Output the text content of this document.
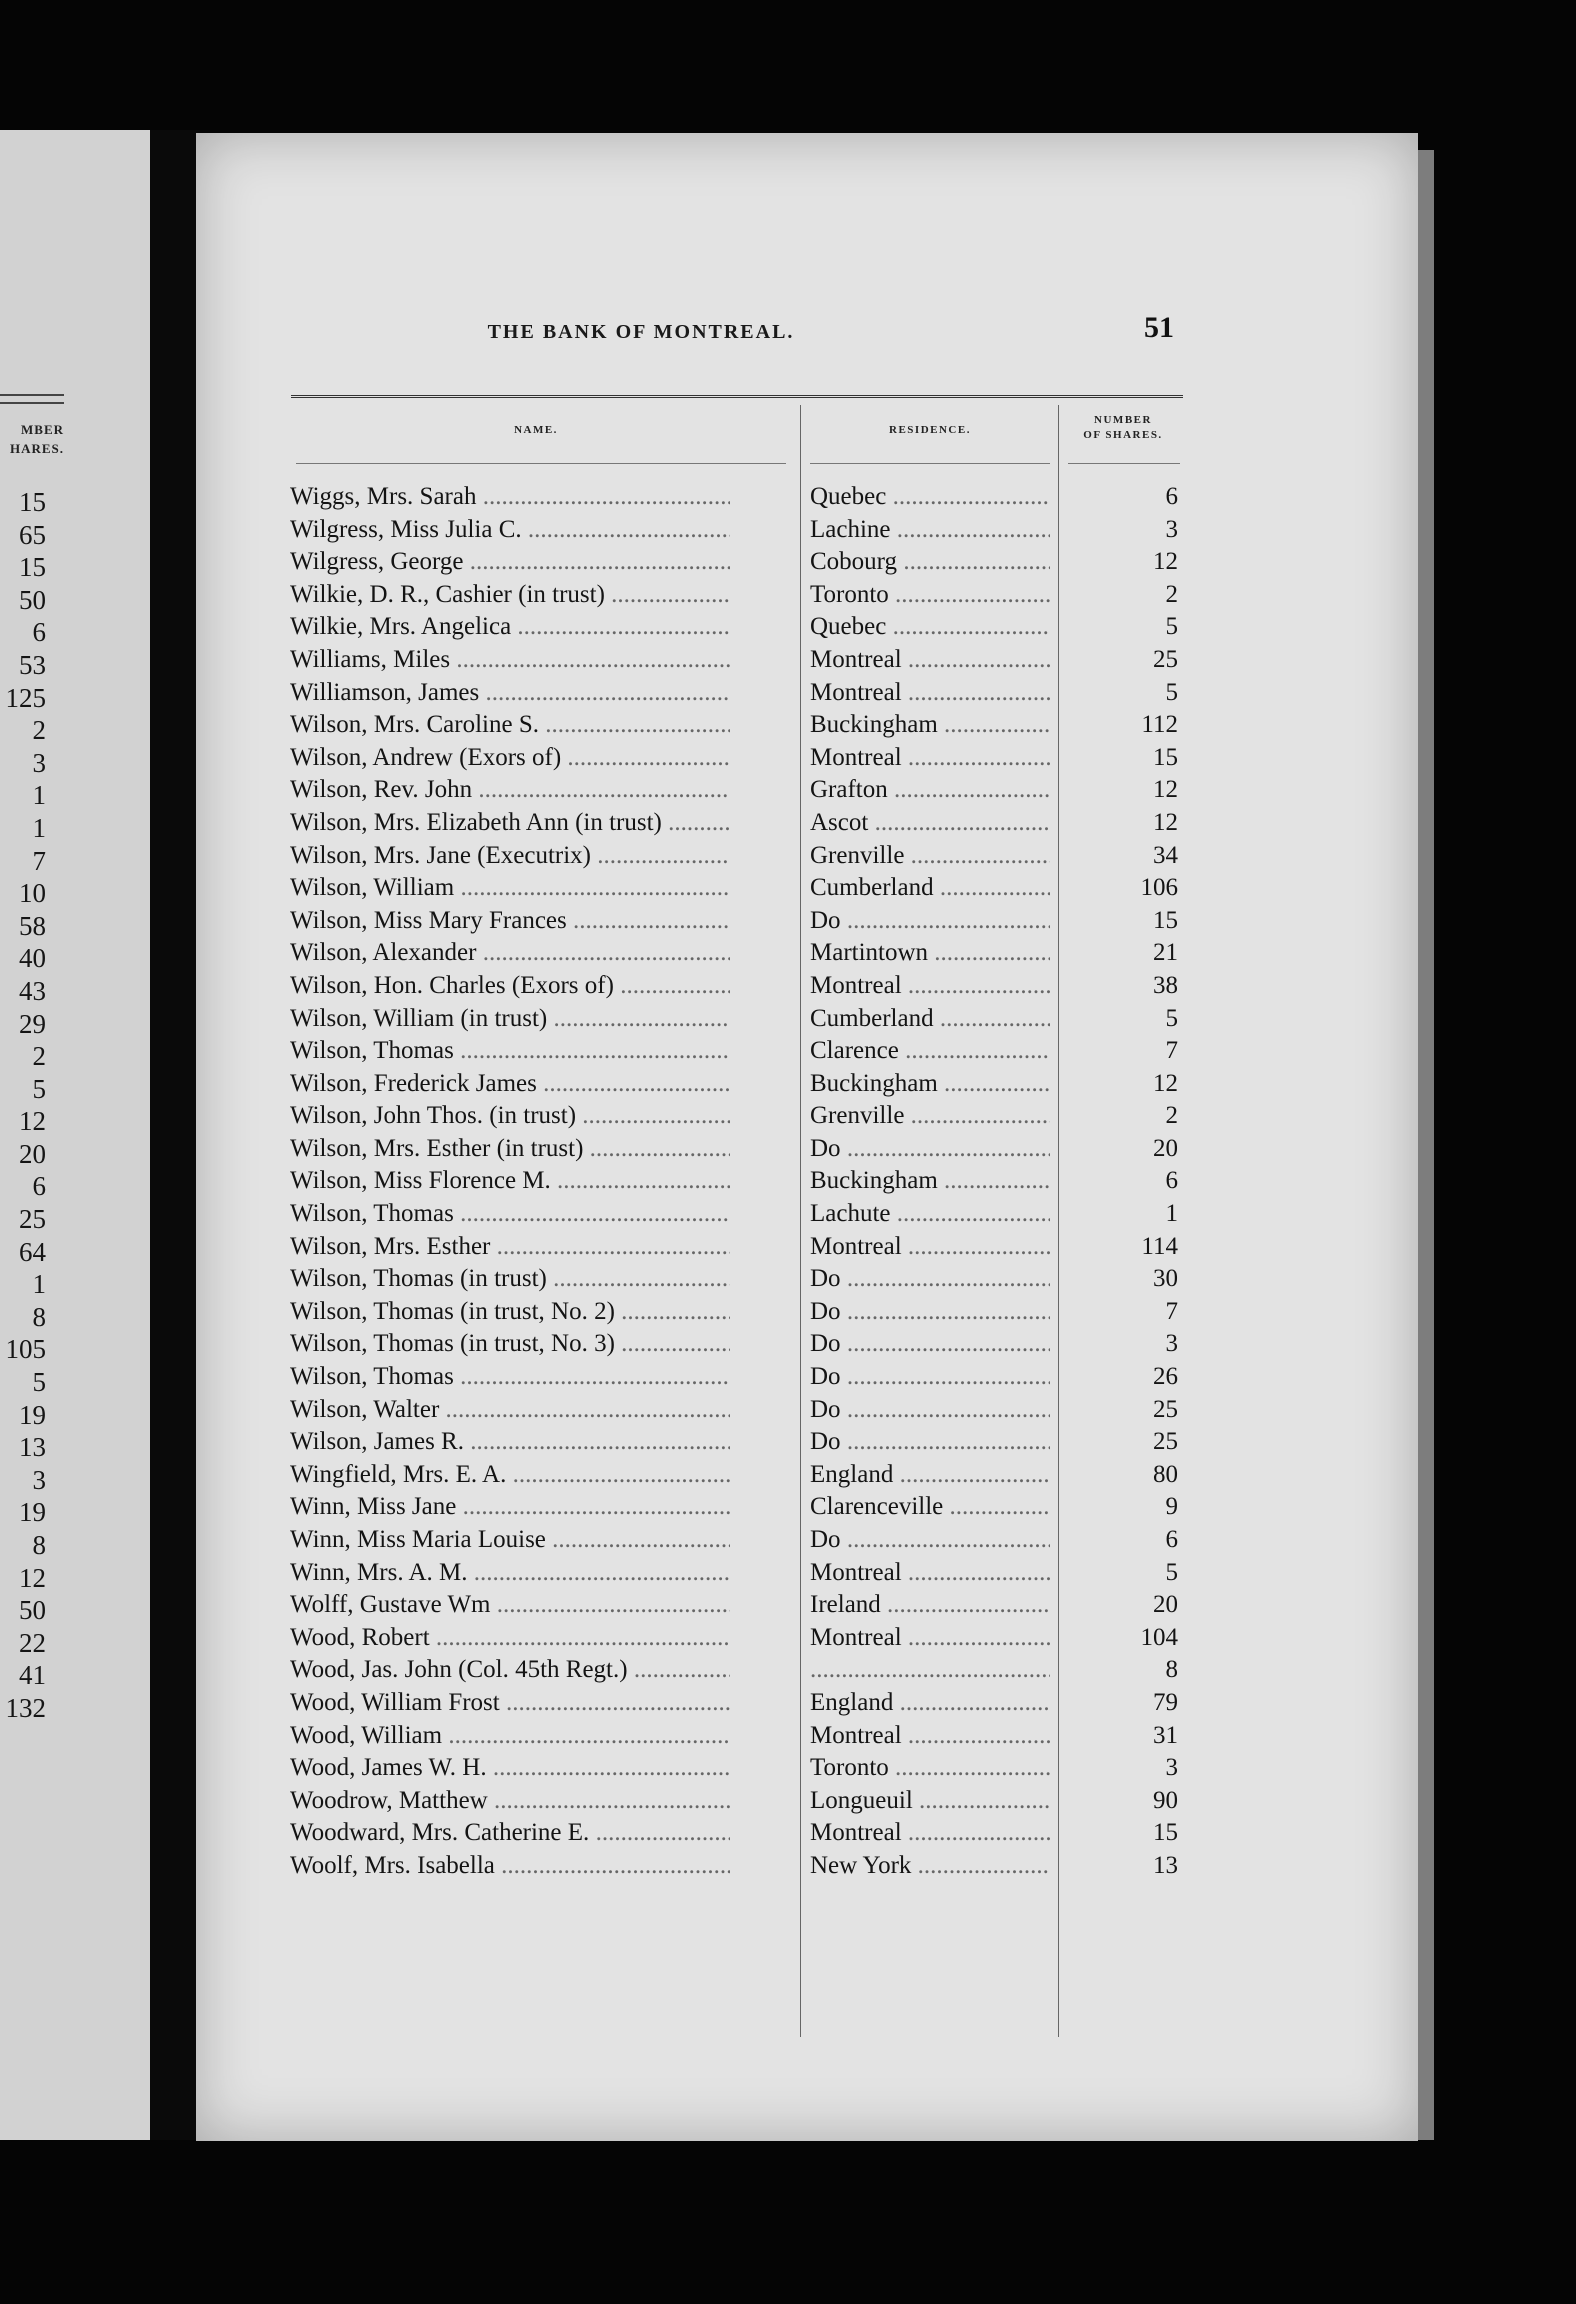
MBER
HARES.
15
65
15
50
6
53
125
2
3
1
1
7
10
58
40
43
29
2
5
12
20
6
25
64
1
8
105
5
19
13
3
19
8
12
50
22
41
132
THE BANK OF MONTREAL.	51
NAME.	RESIDENCE.
NUMBER
OF SHARES.
Wiggs, Mrs. Sarah .....	Quebec .....	6
Wilgress, Miss Julia C. .....	Lachine .....	3
Wilgress, George .....	Cobourg .....	12
Wilkie, D. R., Cashier (in trust) .....	Toronto .....	2
Wilkie, Mrs. Angelica .....	Quebec .....	5
Williams, Miles .....	Montreal .....	25
Williamson, James .....	Montreal .....	5
Wilson, Mrs. Caroline S. .....	Buckingham .....	112
Wilson, Andrew (Exors of) .....	Montreal .....	15
Wilson, Rev. John .....	Grafton .....	12
Wilson, Mrs. Elizabeth Ann (in trust) .....	Ascot .....	12
Wilson, Mrs. Jane (Executrix) .....	Grenville .....	34
Wilson, William .....	Cumberland .....	106
Wilson, Miss Mary Frances .....	Do .....	15
Wilson, Alexander .....	Martintown .....	21
Wilson, Hon. Charles (Exors of) .....	Montreal .....	38
Wilson, William (in trust) .....	Cumberland .....	5
Wilson, Thomas .....	Clarence .....	7
Wilson, Frederick James .....	Buckingham .....	12
Wilson, John Thos. (in trust) .....	Grenville .....	2
Wilson, Mrs. Esther (in trust) .....	Do .....	20
Wilson, Miss Florence M. .....	Buckingham .....	6
Wilson, Thomas .....	Lachute .....	1
Wilson, Mrs. Esther .....	Montreal .....	114
Wilson, Thomas (in trust) .....	Do .....	30
Wilson, Thomas (in trust, No. 2) .....	Do .....	7
Wilson, Thomas (in trust, No. 3) .....	Do .....	3
Wilson, Thomas .....	Do .....	26
Wilson, Walter .....	Do .....	25
Wilson, James R. .....	Do .....	25
Wingfield, Mrs. E. A. .....	England .....	80
Winn, Miss Jane .....	Clarenceville .....	9
Winn, Miss Maria Louise .....	Do .....	6
Winn, Mrs. A. M. .....	Montreal .....	5
Wolff, Gustave Wm .....	Ireland .....	20
Wood, Robert .....	Montreal .....	104
Wood, Jas. John (Col. 45th Regt.) ..... .....	8
Wood, William Frost .....	England .....	79
Wood, William .....	Montreal .....	31
Wood, James W. H. .....	Toronto .....	3
Woodrow, Matthew .....	Longueuil .....	90
Woodward, Mrs. Catherine E. .....	Montreal .....	15
Woolf, Mrs. Isabella .....	New York .....	13
